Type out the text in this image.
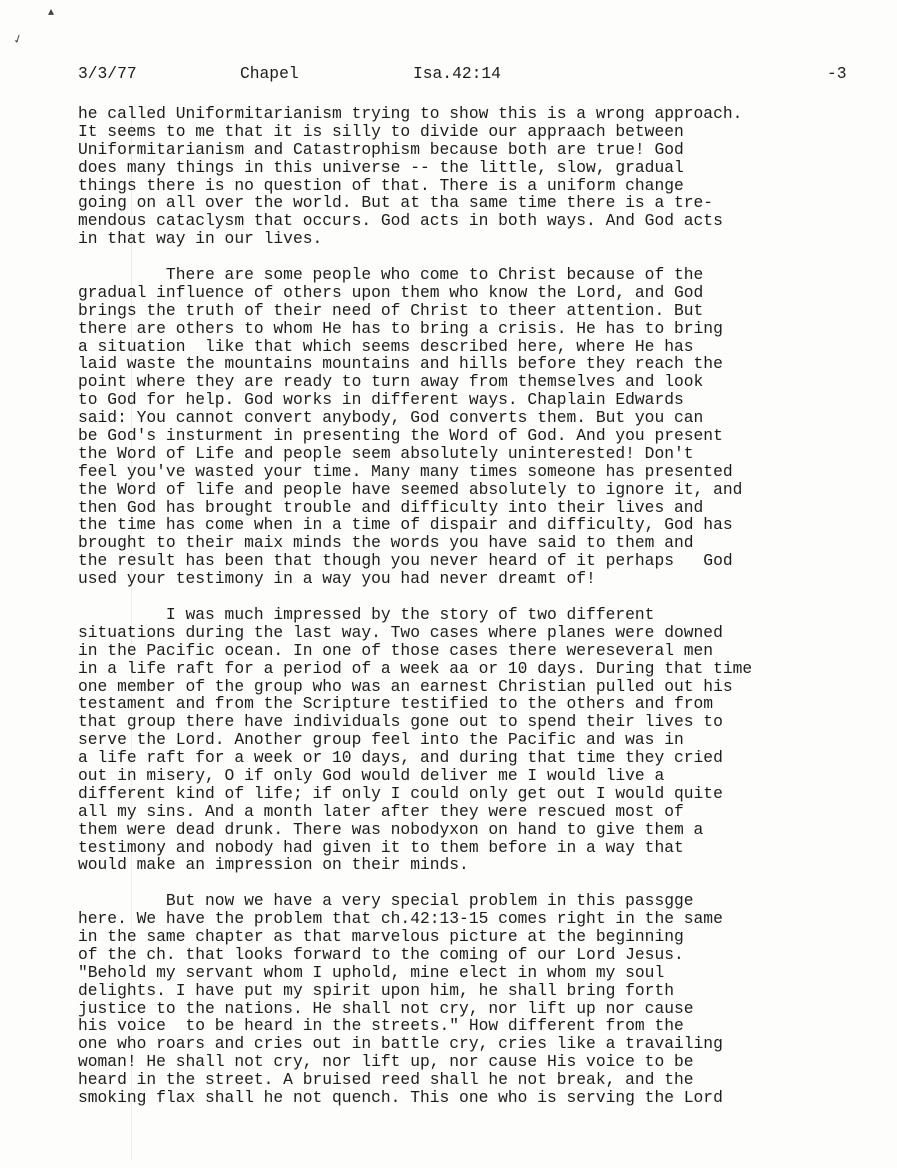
▴
✓
3/3/77	Chapel	Isa.42:14	-3
he called Uniformitarianism trying to show this is a wrong approach.
It seems to me that it is silly to divide our appraach between
Uniformitarianism and Catastrophism because both are true! God
does many things in this universe -- the little, slow, gradual
things there is no question of that. There is a uniform change
going on all over the world. But at tha same time there is a tre-
mendous cataclysm that occurs. God acts in both ways. And God acts
in that way in our lives.
There are some people who come to Christ because of the
gradual influence of others upon them who know the Lord, and God
brings the truth of their need of Christ to theer attention. But
there are others to whom He has to bring a crisis. He has to bring
a situation  like that which seems described here, where He has
laid waste the mountains mountains and hills before they reach the
point where they are ready to turn away from themselves and look
to God for help. God works in different ways. Chaplain Edwards
said: You cannot convert anybody, God converts them. But you can
be God's insturment in presenting the Word of God. And you present
the Word of Life and people seem absolutely uninterested! Don't
feel you've wasted your time. Many many times someone has presented
the Word of life and people have seemed absolutely to ignore it, and
then God has brought trouble and difficulty into their lives and
the time has come when in a time of dispair and difficulty, God has
brought to their maix minds the words you have said to them and
the result has been that though you never heard of it perhaps   God
used your testimony in a way you had never dreamt of!
I was much impressed by the story of two different
situations during the last way. Two cases where planes were downed
in the Pacific ocean. In one of those cases there wereseveral men
in a life raft for a period of a week aa or 10 days. During that time
one member of the group who was an earnest Christian pulled out his
testament and from the Scripture testified to the others and from
that group there have individuals gone out to spend their lives to
serve the Lord. Another group feel into the Pacific and was in
a life raft for a week or 10 days, and during that time they cried
out in misery, O if only God would deliver me I would live a
different kind of life; if only I could only get out I would quite
all my sins. And a month later after they were rescued most of
them were dead drunk. There was nobodyxon on hand to give them a
testimony and nobody had given it to them before in a way that
would make an impression on their minds.
But now we have a very special problem in this passgge
here. We have the problem that ch.42:13-15 comes right in the same
in the same chapter as that marvelous picture at the beginning
of the ch. that looks forward to the coming of our Lord Jesus.
"Behold my servant whom I uphold, mine elect in whom my soul
delights. I have put my spirit upon him, he shall bring forth
justice to the nations. He shall not cry, nor lift up nor cause
his voice  to be heard in the streets." How different from the
one who roars and cries out in battle cry, cries like a travailing
woman! He shall not cry, nor lift up, nor cause His voice to be
heard in the street. A bruised reed shall he not break, and the
smoking flax shall he not quench. This one who is serving the Lord
